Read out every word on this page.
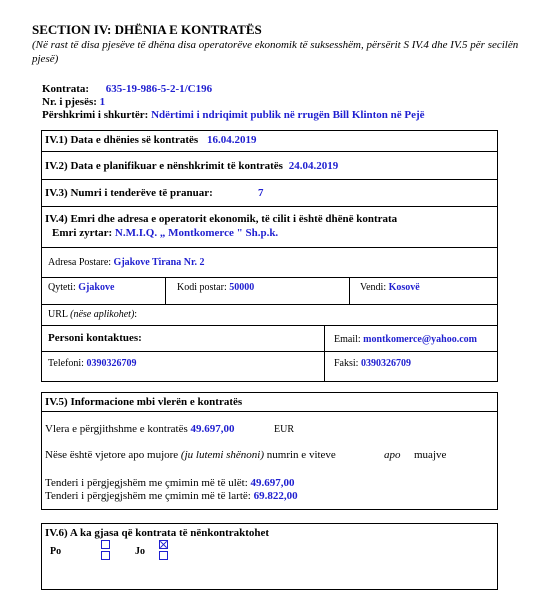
SECTION IV: DHËNIA E KONTRATËS
(Në rast të disa pjesëve të dhëna disa operatorëve ekonomik të suksesshëm, përsërit S IV.4 dhe IV.5 për secilën pjesë)
Kontrata: 635-19-986-5-2-1/C196
Nr. i pjesës: 1
Përshkrimi i shkurtër: Ndërtimi i ndriqimit publik në rrugën Bill Klinton në Pejë
IV.1) Data e dhënies së kontratës 16.04.2019
IV.2) Data e planifikuar e nënshkrimit të kontratës 24.04.2019
IV.3) Numri i tenderëve të pranuar:	7
IV.4) Emri dhe adresa e operatorit ekonomik, të cilit i është dhënë kontrata
Emri zyrtar: N.M.I.Q. „ Montkomerce " Sh.p.k.
Adresa Postare: Gjakove Tirana Nr. 2
Qyteti: Gjakove	Kodi postar: 50000	Vendi: Kosovë
URL (nëse aplikohet):
Personi kontaktues:	Email: montkomerce@yahoo.com
Telefoni: 0390326709	Faksi: 0390326709
IV.5) Informacione mbi vlerën e kontratës
Vlera e përgjithshme e kontratës 49.697,00	EUR
Nëse është vjetore apo mujore (ju lutemi shënoni) numrin e viteve	apo muajve
Tenderi i përgjegjshëm me çmimin më të ulët: 49.697,00
Tenderi i përgjegjshëm me çmimin më të lartë: 69.822,00
IV.6) A ka gjasa që kontrata të nënkontraktohet
Po	Jo
